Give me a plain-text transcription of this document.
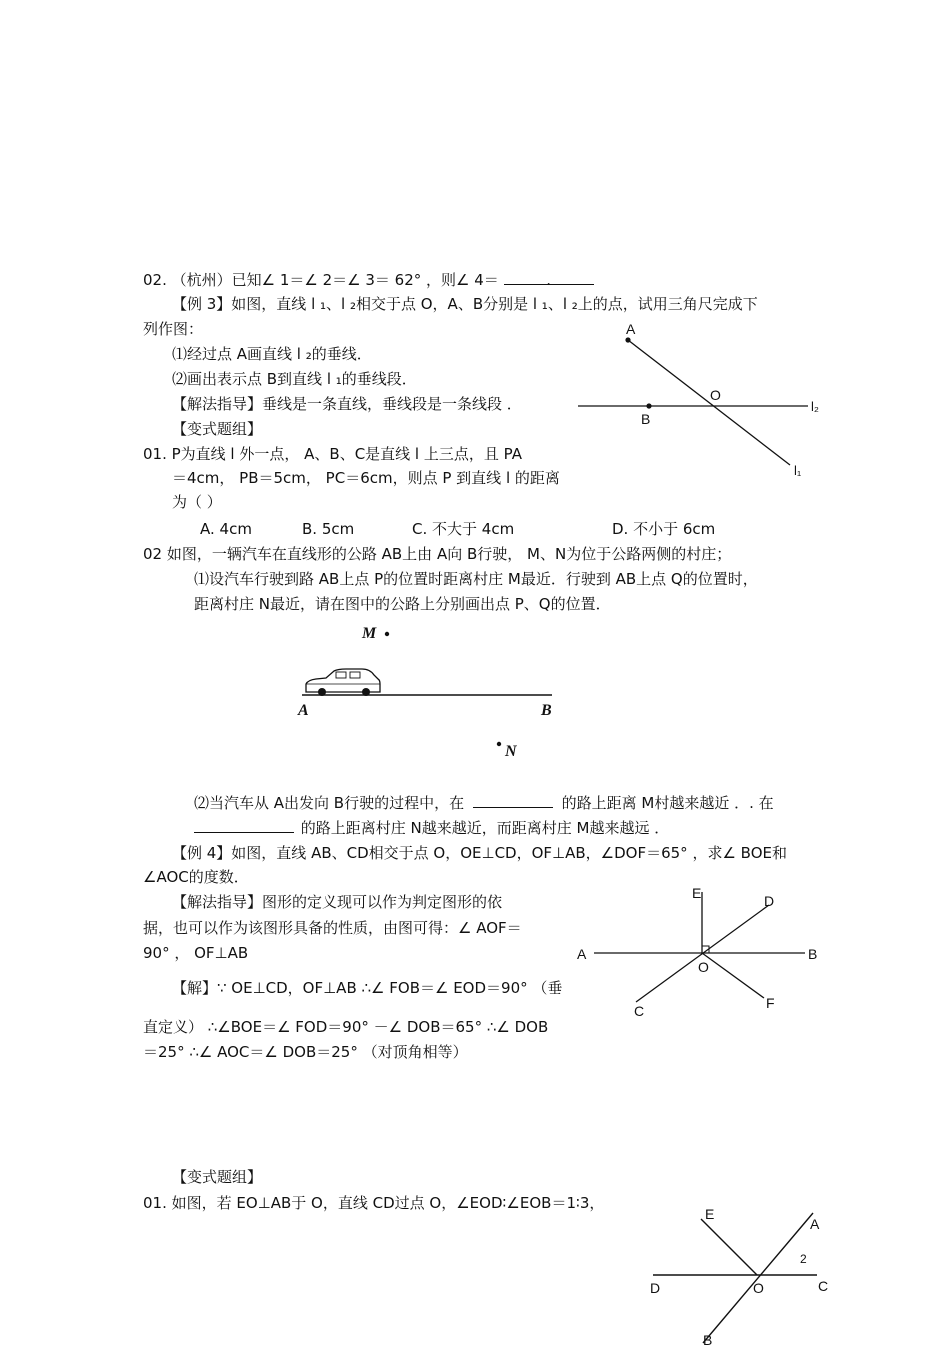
02. （杭州）已知∠ 1＝∠ 2＝∠ 3＝ 62° ，则∠ 4＝	.
【例 3】如图，直线 l ₁、l ₂相交于点 O，A、B分别是 l ₁、l ₂上的点，试用三角尺完成下
列作图：
⑴经过点 A画直线 l ₂的垂线．
⑵画出表示点 B到直线 l ₁的垂线段．
【解法指导】垂线是一条直线，垂线段是一条线段 ．
【变式题组】
01. P为直线 l 外一点， A、B、C是直线 l 上三点，且 PA
＝4cm， PB＝5cm， PC＝6cm，则点 P 到直线 l 的距离
为（ ）
A. 4cm	B. 5cm	C. 不大于 4cm	D. 不小于 6cm
A
B
O
l₂
l₁
02 如图，一辆汽车在直线形的公路 AB上由 A向 B行驶， M、N为位于公路两侧的村庄；
⑴设汽车行驶到路 AB上点 P的位置时距离村庄 M最近．行驶到 AB上点 Q的位置时，
距离村庄 N最近，请在图中的公路上分别画出点 P、Q的位置．
M
A	B
N
⑵当汽车从 A出发向 B行驶的过程中，在	的路上距离 M村越来越近 ．. 在
的路上距离村庄 N越来越近，而距离村庄 M越来越远 ．
【例 4】如图，直线 AB、CD相交于点 O，OE⊥CD，OF⊥AB，∠DOF＝65° ，求∠ BOE和
∠AOC的度数．
【解法指导】图形的定义现可以作为判定图形的依
据，也可以作为该图形具备的性质，由图可得：∠ AOF＝
90° ， OF⊥AB
【解】∵ OE⊥CD，OF⊥AB ∴∠ FOB＝∠ EOD＝90° （垂
直定义） ∴∠BOE＝∠ FOD＝90° －∠ DOB＝65° ∴∠ DOB
＝25° ∴∠ AOC＝∠ DOB＝25° （对顶角相等）
E	D
A	B
O
C	F
【变式题组】
01. 如图，若 EO⊥AB于 O，直线 CD过点 O，∠EOD∶∠EOB＝1∶3，
E
A
2
D	O	C
B
